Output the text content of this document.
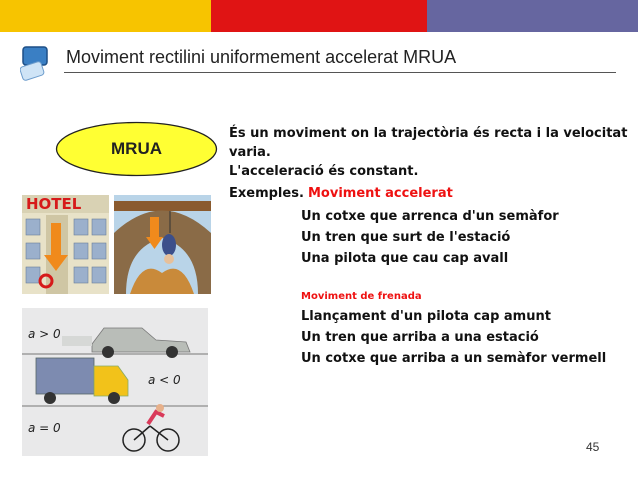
Moviment rectilini uniformement accelerat MRUA
MRUA
És un moviment on la trajectòria és recta i la velocitat varia.
L'acceleració és constant.
Exemples. Moviment accelerat
Un cotxe que arrenca d'un semàfor
Un tren que surt de l'estació
Una pilota que cau cap avall
Moviment de frenada
Llançament d'un pilota cap amunt
Un tren que arriba a una estació
Un cotxe que arriba a un semàfor vermell
HOTEL
a > 0
a < 0
a = 0
45
